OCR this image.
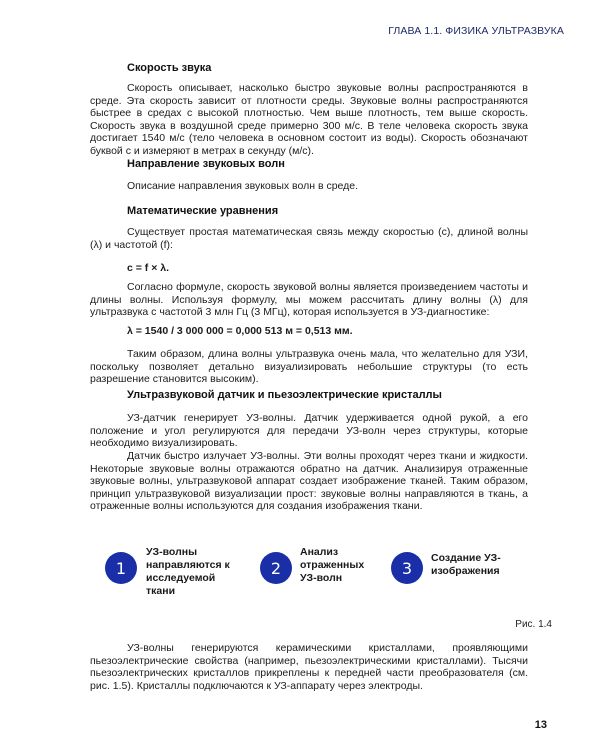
ГЛАВА 1.1. ФИЗИКА УЛЬТРАЗВУКА
Скорость звука

Скорость описывает, насколько быстро звуковые волны распространяются в среде. Эта скорость зависит от плотности среды. Звуковые волны распространяются быстрее в средах с высокой плотностью. Чем выше плотность, тем выше скорость. Скорость звука в воздушной среде примерно 300 м/с. В теле человека скорость звука достигает 1540 м/с (тело человека в основном состоит из воды). Скорость обозначают буквой с и измеряют в метрах в секунду (м/с).

Направление звуковых волн

Описание направления звуковых волн в среде.

Математические уравнения

Существует простая математическая связь между скоростью (с), длиной волны (λ) и частотой (f):

с = f × λ.

Согласно формуле, скорость звуковой волны является произведением частоты и длины волны. Используя формулу, мы можем рассчитать длину волны (λ) для ультразвука с частотой 3 млн Гц (3 МГц), которая используется в УЗ-диагностике:

λ = 1540 / 3 000 000 = 0,000 513 м = 0,513 мм.

Таким образом, длина волны ультразвука очень мала, что желательно для УЗИ, поскольку позволяет детально визуализировать небольшие структуры (то есть разрешение становится высоким).

Ультразвуковой датчик и пьезоэлектрические кристаллы

УЗ-датчик генерирует УЗ-волны. Датчик удерживается одной рукой, а его положение и угол регулируются для передачи УЗ-волн через структуры, которые необходимо визуализировать.

Датчик быстро излучает УЗ-волны. Эти волны проходят через ткани и жидкости. Некоторые звуковые волны отражаются обратно на датчик. Анализируя отраженные звуковые волны, ультразвуковой аппарат создает изображение тканей. Таким образом, принцип ультразвуковой визуализации прост: звуковые волны направляются в ткань, а отраженные волны используются для создания изображения ткани.

1
УЗ-волны направляются к исследуемой ткани
2
Анализ отраженных УЗ-волн
3
Создание УЗ-изображения
Рис. 1.4

УЗ-волны генерируются керамическими кристаллами, проявляющими пьезоэлектрические свойства (например, пьезоэлектрическими кристаллами). Тысячи пьезоэлектрических кристаллов прикреплены к передней части преобразователя (см. рис. 1.5). Кристаллы подключаются к УЗ-аппарату через электроды.

13
